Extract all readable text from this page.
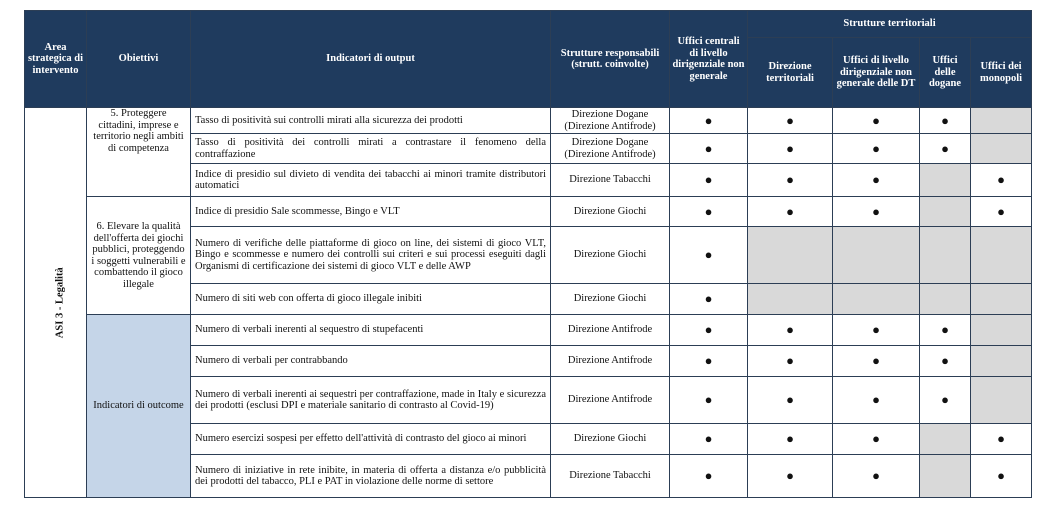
Area strategica di intervento	Obiettivi	Indicatori di output	Strutture responsabili (strutt. coinvolte)	Uffici centrali di livello dirigenziale non generale	Strutture territoriali			
					Direzione territoriali	Uffici di livello dirigenziale non generale delle DT	Uffici delle dogane	Uffici dei monopoli
ASI 3 - Legalità	5. Proteggere cittadini, imprese e territorio negli ambiti di competenza	Tasso di positività sui controlli mirati alla sicurezza dei prodotti	Direzione Dogane (Direzione Antifrode)	●	●	●	●	
		Tasso di positività dei controlli mirati a contrastare il fenomeno della contraffazione	Direzione Dogane (Direzione Antifrode)	●	●	●	●	
		Indice di presidio sul divieto di vendita dei tabacchi ai minori tramite distributori automatici	Direzione Tabacchi	●	●	●		●
	6. Elevare la qualità dell'offerta dei giochi pubblici, proteggendo i soggetti vulnerabili e combattendo il gioco illegale	Indice di presidio Sale scommesse, Bingo e VLT	Direzione Giochi	●	●	●		●
		Numero di verifiche delle piattaforme di gioco on line, dei sistemi di gioco VLT, Bingo e scommesse e numero dei controlli sui criteri e sui processi eseguiti dagli Organismi di certificazione dei sistemi di gioco VLT e delle AWP	Direzione Giochi	●				
		Numero di siti web con offerta di gioco illegale inibiti	Direzione Giochi	●				
	Indicatori di outcome	Numero di verbali inerenti al sequestro di stupefacenti	Direzione Antifrode	●	●	●	●	
		Numero di verbali per contrabbando	Direzione Antifrode	●	●	●	●	
		Numero di verbali inerenti ai sequestri per contraffazione, made in Italy e sicurezza dei prodotti (esclusi DPI e materiale sanitario di contrasto al Covid-19)	Direzione Antifrode	●	●	●	●	
		Numero esercizi sospesi per effetto dell'attività di contrasto del gioco ai minori	Direzione Giochi	●	●	●		●
		Numero di iniziative in rete inibite, in materia di offerta a distanza e/o pubblicità dei prodotti del tabacco, PLI e PAT in violazione delle norme di settore	Direzione Tabacchi	●	●	●		●
